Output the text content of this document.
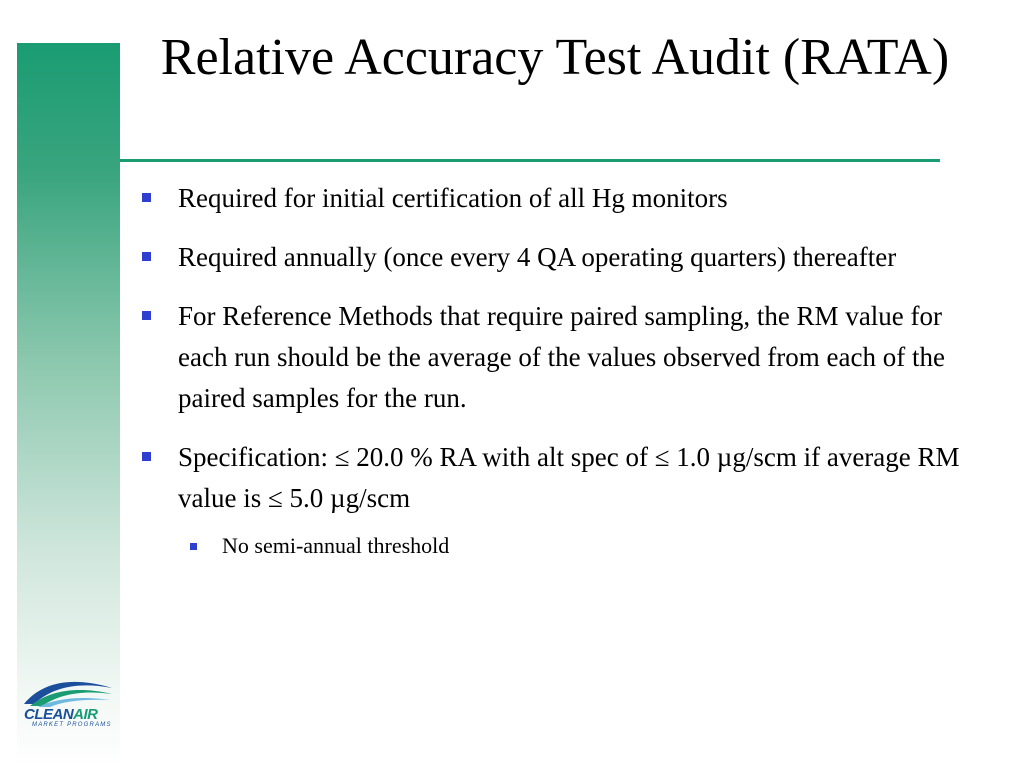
Relative Accuracy Test Audit (RATA)
Required for initial certification of all Hg monitors
Required annually (once every 4 QA operating quarters) thereafter
For Reference Methods that require paired sampling, the RM value for each run should be the average of the values observed from each of the paired samples for the run.
Specification: ≤ 20.0 % RA with alt spec of ≤ 1.0 µg/scm if average RM value is ≤ 5.0 µg/scm
No semi-annual threshold
CLEANAIR
MARKET PROGRAMS
